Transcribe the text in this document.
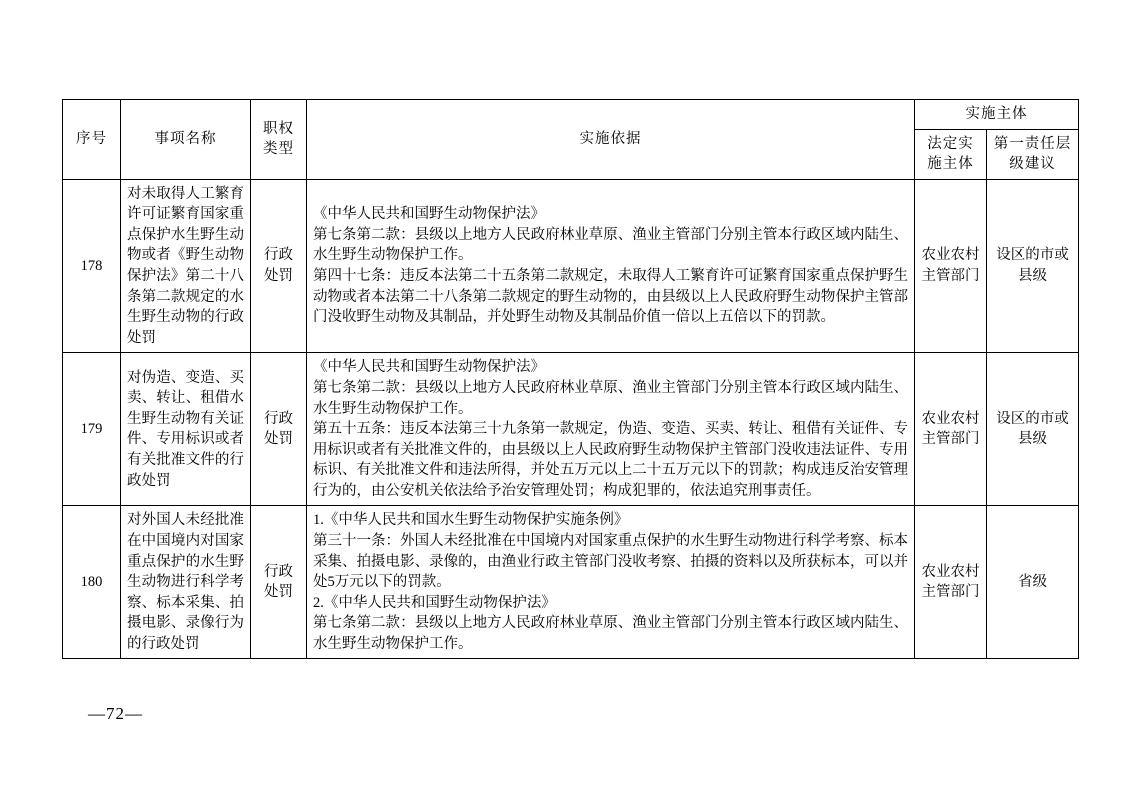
序号	事项名称	职权类型	实施依据	实施主体	
				法定实施主体	第一责任层级建议
178	对未取得人工繁育许可证繁育国家重点保护水生野生动物或者《野生动物保护法》第二十八条第二款规定的水生野生动物的行政处罚	行政处罚	《中华人民共和国野生动物保护法》

第七条第二款：县级以上地方人民政府林业草原、渔业主管部门分别主管本行政区域内陆生、水生野生动物保护工作。

第四十七条：违反本法第二十五条第二款规定，未取得人工繁育许可证繁育国家重点保护野生动物或者本法第二十八条第二款规定的野生动物的，由县级以上人民政府野生动物保护主管部门没收野生动物及其制品，并处野生动物及其制品价值一倍以上五倍以下的罚款。	农业农村主管部门	设区的市或县级
179	对伪造、变造、买卖、转让、租借水生野生动物有关证件、专用标识或者有关批准文件的行政处罚	行政处罚	《中华人民共和国野生动物保护法》

第七条第二款：县级以上地方人民政府林业草原、渔业主管部门分别主管本行政区域内陆生、水生野生动物保护工作。

第五十五条：违反本法第三十九条第一款规定，伪造、变造、买卖、转让、租借有关证件、专用标识或者有关批准文件的，由县级以上人民政府野生动物保护主管部门没收违法证件、专用标识、有关批准文件和违法所得，并处五万元以上二十五万元以下的罚款；构成违反治安管理行为的，由公安机关依法给予治安管理处罚；构成犯罪的，依法追究刑事责任。	农业农村主管部门	设区的市或县级
180	对外国人未经批准在中国境内对国家重点保护的水生野生动物进行科学考察、标本采集、拍摄电影、录像行为的行政处罚	行政处罚	1.《中华人民共和国水生野生动物保护实施条例》

第三十一条：外国人未经批准在中国境内对国家重点保护的水生野生动物进行科学考察、标本采集、拍摄电影、录像的，由渔业行政主管部门没收考察、拍摄的资料以及所获标本，可以并处5万元以下的罚款。

2.《中华人民共和国野生动物保护法》

第七条第二款：县级以上地方人民政府林业草原、渔业主管部门分别主管本行政区域内陆生、水生野生动物保护工作。	农业农村主管部门	省级
—72—
